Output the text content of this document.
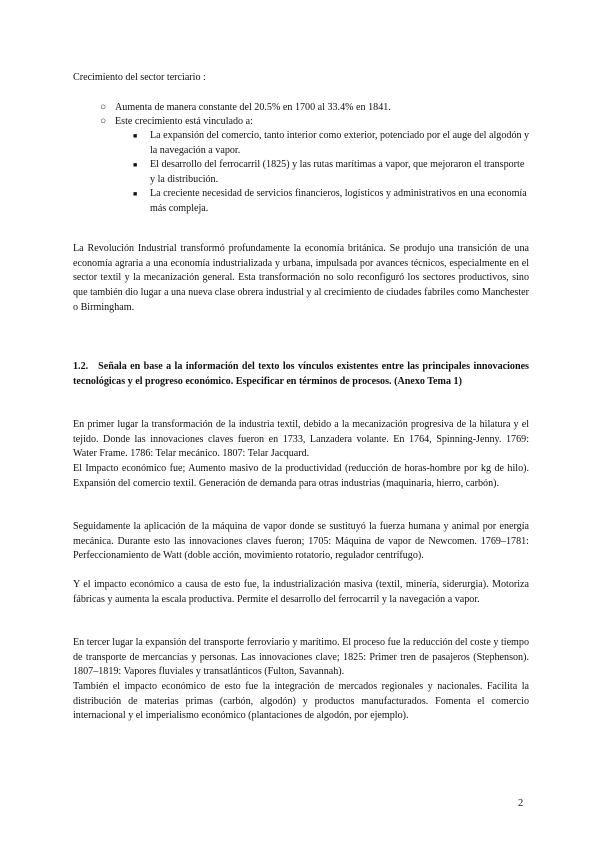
Crecimiento del sector terciario :

○ Aumenta de manera constante del 20.5% en 1700 al 33.4% en 1841.
○ Este crecimiento está vinculado a:
■ La expansión del comercio, tanto interior como exterior, potenciado por el auge del algodón y la navegación a vapor.
■ El desarrollo del ferrocarril (1825) y las rutas marítimas a vapor, que mejoraron el transporte y la distribución.
■ La creciente necesidad de servicios financieros, logísticos y administrativos en una economía más compleja.

La Revolución Industrial transformó profundamente la economía británica. Se produjo una transición de una economía agraria a una economía industrializada y urbana, impulsada por avances técnicos, especialmente en el sector textil y la mecanización general. Esta transformación no solo reconfiguró los sectores productivos, sino que también dio lugar a una nueva clase obrera industrial y al crecimiento de ciudades fabriles como Manchester o Birmingham.

1.2. Señala en base a la información del texto los vínculos existentes entre las principales innovaciones tecnológicas y el progreso económico. Especificar en términos de procesos. (Anexo Tema 1)

En primer lugar la transformación de la industria textil, debido a la mecanización progresiva de la hilatura y el tejido. Donde las innovaciones claves fueron en 1733, Lanzadera volante. En 1764, Spinning-Jenny. 1769: Water Frame. 1786: Telar mecánico. 1807: Telar Jacquard.

El Impacto económico fue; Aumento masivo de la productividad (reducción de horas-hombre por kg de hilo). Expansión del comercio textil. Generación de demanda para otras industrias (maquinaria, hierro, carbón).

Seguidamente la aplicación de la máquina de vapor donde se sustituyó la fuerza humana y animal por energía mecánica. Durante esto las innovaciones claves fueron; 1705: Máquina de vapor de Newcomen. 1769–1781: Perfeccionamiento de Watt (doble acción, movimiento rotatorio, regulador centrífugo).

Y el impacto económico a causa de esto fue, la industrialización masiva (textil, minería, siderurgia). Motoriza fábricas y aumenta la escala productiva. Permite el desarrollo del ferrocarril y la navegación a vapor.

En tercer lugar la expansión del transporte ferroviario y marítimo. El proceso fue la reducción del coste y tiempo de transporte de mercancías y personas. Las innovaciones clave; 1825: Primer tren de pasajeros (Stephenson). 1807–1819: Vapores fluviales y transatlánticos (Fulton, Savannah).

También el impacto económico de esto fue la integración de mercados regionales y nacionales. Facilita la distribución de materias primas (carbón, algodón) y productos manufacturados. Fomenta el comercio internacional y el imperialismo económico (plantaciones de algodón, por ejemplo).

2
